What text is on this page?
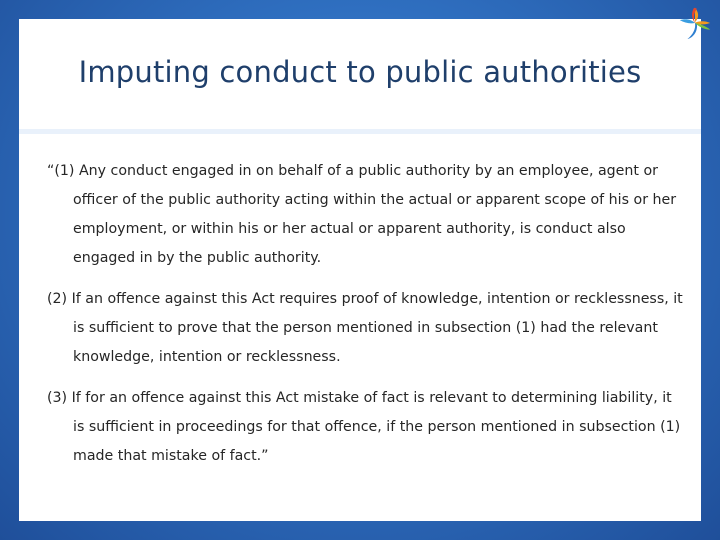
Imputing conduct to public authorities

“(1) Any conduct engaged in on behalf of a public authority by an employee, agent or officer of the public authority acting within the actual or apparent scope of his or her employment, or within his or her actual or apparent authority, is conduct also engaged in by the public authority.

(2) If an offence against this Act requires proof of knowledge, intention or recklessness, it is sufficient to prove that the person mentioned in subsection (1) had the relevant knowledge, intention or recklessness.

(3) If for an offence against this Act mistake of fact is relevant to determining liability, it is sufficient in proceedings for that offence, if the person mentioned in subsection (1) made that mistake of fact.”
